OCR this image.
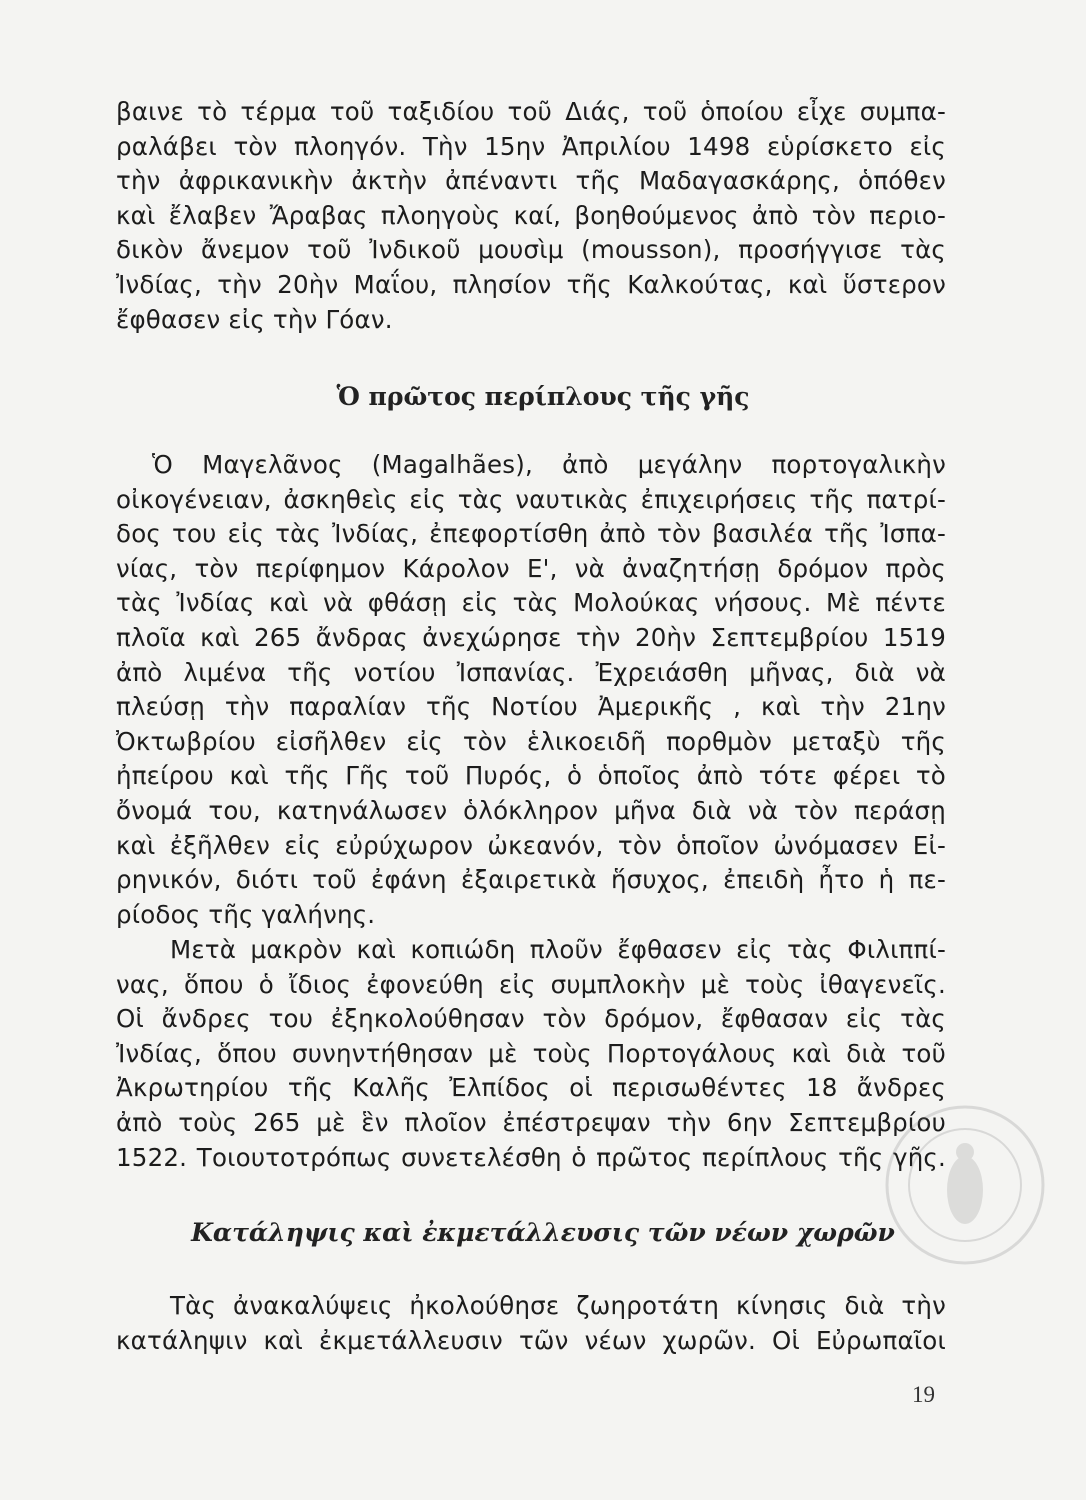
βαινε τὸ τέρμα τοῦ ταξιδίου τοῦ Διάς, τοῦ ὁποίου εἶχε συμπα-
ραλάβει τὸν πλοηγόν. Τὴν 15ην Ἀπριλίου 1498 εὑρίσκετο εἰς
τὴν ἀφρικανικὴν ἀκτὴν ἀπέναντι τῆς Μαδαγασκάρης, ὁπόθεν
καὶ ἔλαβεν Ἄραβας πλοηγοὺς καί, βοηθούμενος ἀπὸ τὸν περιο-
δικὸν ἄνεμον τοῦ Ἰνδικοῦ μουσὶμ (mousson), προσήγγισε τὰς
Ἰνδίας, τὴν 20ὴν Μαΐου, πλησίον τῆς Καλκούτας, καὶ ὕστερον
ἔφθασεν εἰς τὴν Γόαν.
Ὁ πρῶτος περίπλους τῆς γῆς
Ὁ Μαγελᾶνος (Magalhães), ἀπὸ μεγάλην πορτογαλικὴν
οἰκογένειαν, ἀσκηθεὶς εἰς τὰς ναυτικὰς ἐπιχειρήσεις τῆς πατρί-
δος του εἰς τὰς Ἰνδίας, ἐπεφορτίσθη ἀπὸ τὸν βασιλέα τῆς Ἰσπα-
νίας, τὸν περίφημον Κάρολον Ε', νὰ ἀναζητήσῃ δρόμον πρὸς
τὰς Ἰνδίας καὶ νὰ φθάσῃ εἰς τὰς Μολούκας νήσους. Μὲ πέντε
πλοῖα καὶ 265 ἄνδρας ἀνεχώρησε τὴν 20ὴν Σεπτεμβρίου 1519
ἀπὸ λιμένα τῆς νοτίου Ἰσπανίας. Ἐχρειάσθη μῆνας, διὰ νὰ
πλεύσῃ τὴν παραλίαν τῆς Νοτίου Ἀμερικῆς , καὶ τὴν 21ην
Ὀκτωβρίου εἰσῆλθεν εἰς τὸν ἑλικοειδῆ πορθμὸν μεταξὺ τῆς
ἠπείρου καὶ τῆς Γῆς τοῦ Πυρός, ὁ ὁποῖος ἀπὸ τότε φέρει τὸ
ὄνομά του, κατηνάλωσεν ὁλόκληρον μῆνα διὰ νὰ τὸν περάσῃ
καὶ ἐξῆλθεν εἰς εὐρύχωρον ὠκεανόν, τὸν ὁποῖον ὠνόμασεν Εἰ-
ρηνικόν, διότι τοῦ ἐφάνη ἐξαιρετικὰ ἥσυχος, ἐπειδὴ ἦτο ἡ πε-
ρίοδος τῆς γαλήνης.
Μετὰ μακρὸν καὶ κοπιώδη πλοῦν ἔφθασεν εἰς τὰς Φιλιππί-
νας, ὅπου ὁ ἴδιος ἐφονεύθη εἰς συμπλοκὴν μὲ τοὺς ἰθαγενεῖς.
Οἱ ἄνδρες του ἐξηκολούθησαν τὸν δρόμον, ἔφθασαν εἰς τὰς
Ἰνδίας, ὅπου συνηντήθησαν μὲ τοὺς Πορτογάλους καὶ διὰ τοῦ
Ἀκρωτηρίου τῆς Καλῆς Ἐλπίδος οἱ περισωθέντες 18 ἄνδρες
ἀπὸ τοὺς 265 μὲ ἓν πλοῖον ἐπέστρεψαν τὴν 6ην Σεπτεμβρίου
1522. Τοιουτοτρόπως συνετελέσθη ὁ πρῶτος περίπλους τῆς γῆς.
Κατάληψις καὶ ἐκμετάλλευσις τῶν νέων χωρῶν
Τὰς ἀνακαλύψεις ἠκολούθησε ζωηροτάτη κίνησις διὰ τὴν
κατάληψιν καὶ ἐκμετάλλευσιν τῶν νέων χωρῶν. Οἱ Εὐρωπαῖοι
19
